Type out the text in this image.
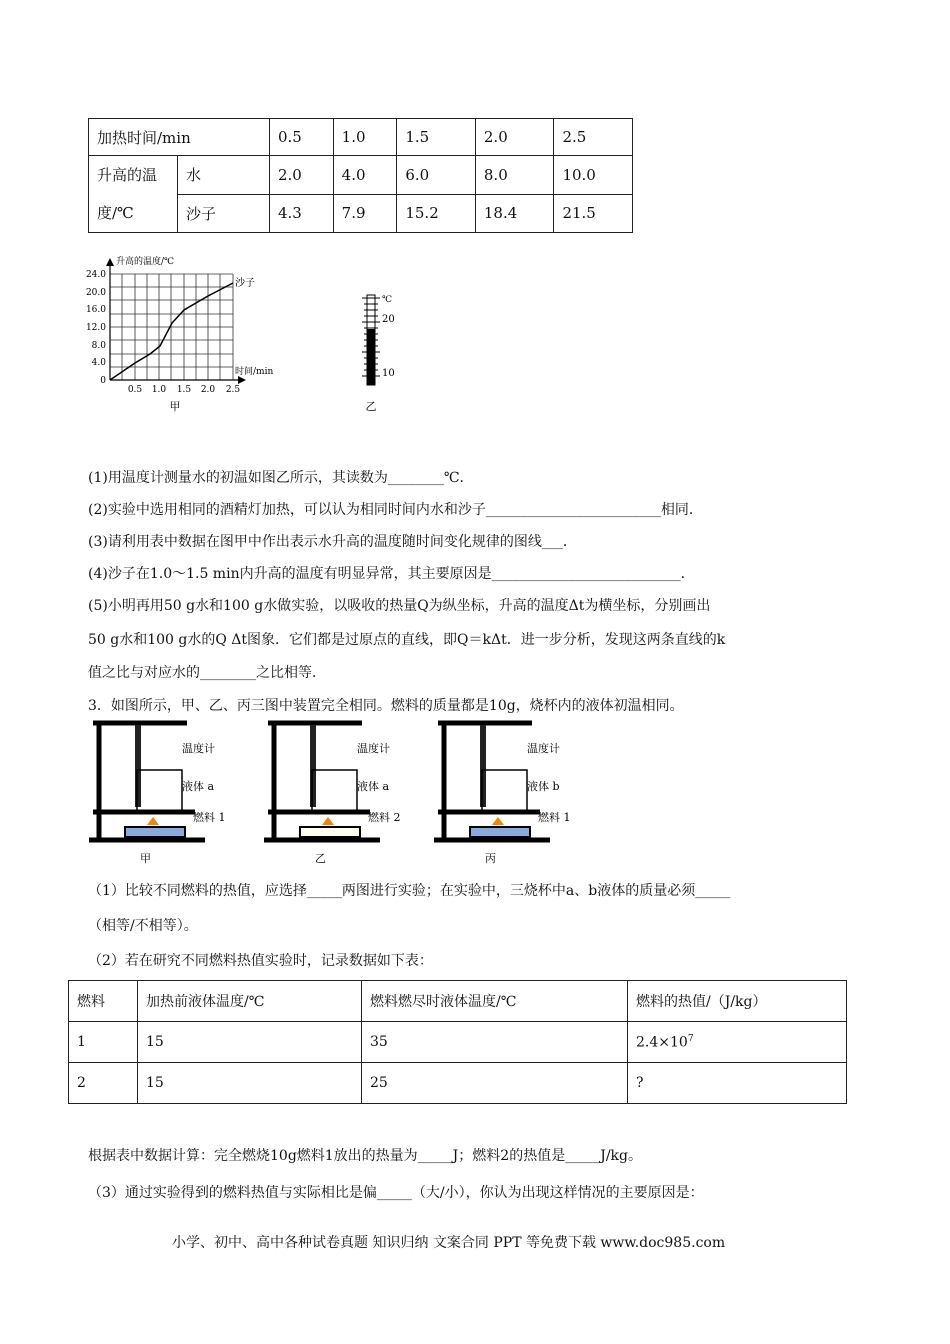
加热时间/min		0.5	1.0	1.5	2.0	2.5
升高的温
度/℃	水	2.0	4.0	6.0	8.0	10.0
	沙子	4.3	7.9	15.2	18.4	21.5
升高的温度/℃
沙子
时间/min
24.0
20.0
16.0
12.0
8.0
4.0
0
0.5 1.0 1.5 2.0 2.5
甲
℃
20
10
乙
(1)用温度计测量水的初温如图乙所示，其读数为________℃．
(2)实验中选用相同的酒精灯加热，可以认为相同时间内水和沙子_________________________相同．
(3)请利用表中数据在图甲中作出表示水升高的温度随时间变化规律的图线___．
(4)沙子在1.0～1.5 min内升高的温度有明显异常，其主要原因是___________________________．
(5)小明再用50 g水和100 g水做实验，以吸收的热量Q为纵坐标，升高的温度Δt为横坐标，分别画出
50 g水和100 g水的Q Δt图象．它们都是过原点的直线，即Q＝kΔt．进一步分析，发现这两条直线的k
值之比与对应水的________之比相等．
3．如图所示，甲、乙、丙三图中装置完全相同。燃料的质量都是10g，烧杯内的液体初温相同。
温度计
液体 a
燃料 1
甲
温度计
液体 a
燃料 2
乙
温度计
液体 b
燃料 1
丙
（1）比较不同燃料的热值，应选择_____两图进行实验；在实验中，三烧杯中a、b液体的质量必须_____
（相等/不相等）。
（2）若在研究不同燃料热值实验时，记录数据如下表：
燃料	加热前液体温度/℃	燃料燃尽时液体温度/℃	燃料的热值/（J/kg）
1	15	35	$2.4\times 10^7$
2	15	25	?
根据表中数据计算：完全燃烧10g燃料1放出的热量为_____J；燃料2的热值是_____J/kg。
（3）通过实验得到的燃料热值与实际相比是偏_____（大/小），你认为出现这样情况的主要原因是：
小学、初中、高中各种试卷真题 知识归纳 文案合同 PPT 等免费下载 www.doc985.com
